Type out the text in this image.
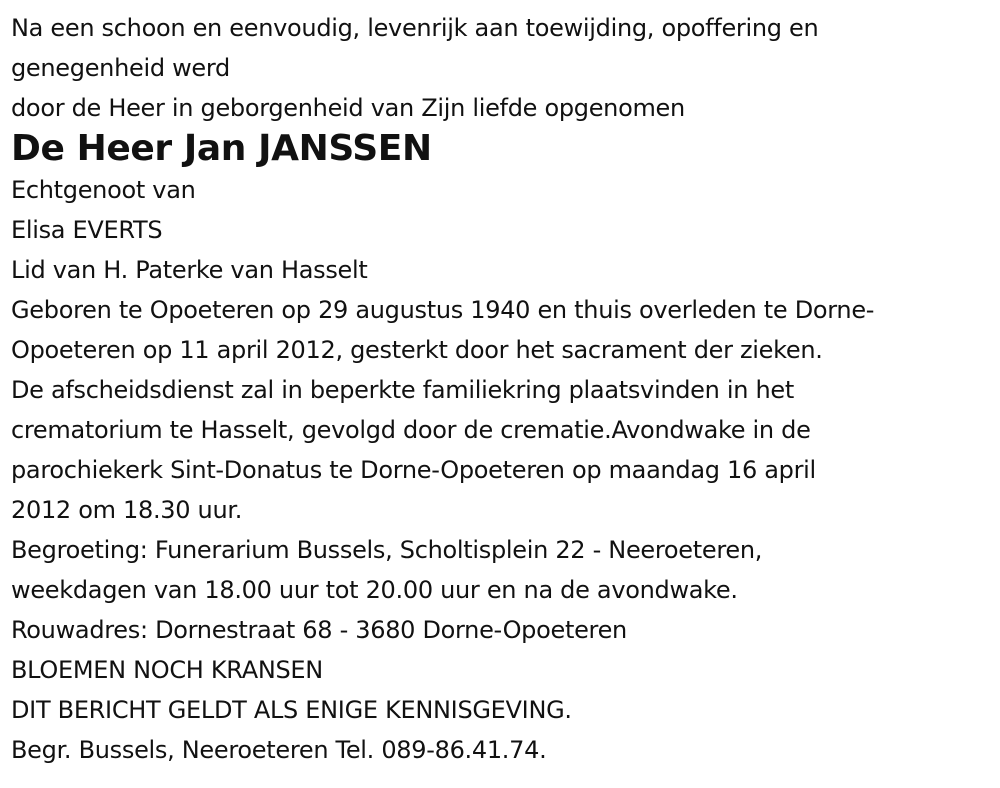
Na een schoon en eenvoudig, levenrijk aan toewijding, opoffering en
genegenheid werd
door de Heer in geborgenheid van Zijn liefde opgenomen
De Heer Jan JANSSEN
Echtgenoot van
Elisa EVERTS
Lid van H. Paterke van Hasselt
Geboren te Opoeteren op 29 augustus 1940 en thuis overleden te Dorne-
Opoeteren op 11 april 2012, gesterkt door het sacrament der zieken.
De afscheidsdienst zal in beperkte familiekring plaatsvinden in het
crematorium te Hasselt, gevolgd door de crematie.Avondwake in de
parochiekerk Sint-Donatus te Dorne-Opoeteren op maandag 16 april
2012 om 18.30 uur.
Begroeting: Funerarium Bussels, Scholtisplein 22 - Neeroeteren,
weekdagen van 18.00 uur tot 20.00 uur en na de avondwake.
Rouwadres: Dornestraat 68 - 3680 Dorne-Opoeteren
BLOEMEN NOCH KRANSEN
DIT BERICHT GELDT ALS ENIGE KENNISGEVING.
Begr. Bussels, Neeroeteren Tel. 089-86.41.74.
